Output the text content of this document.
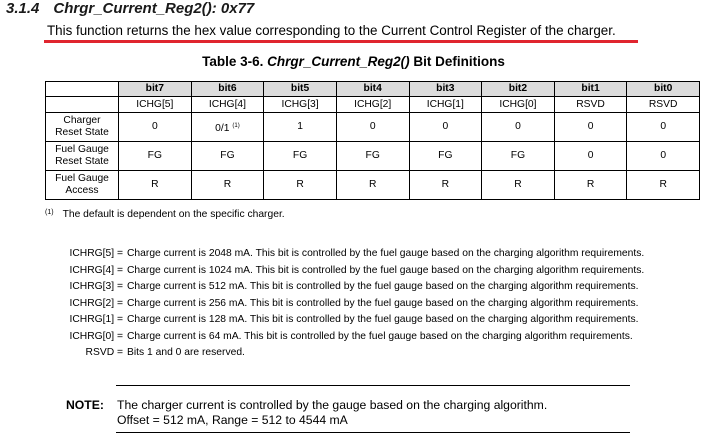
3.1.4 Chrgr_Current_Reg2(): 0x77
This function returns the hex value corresponding to the Current Control Register of the charger.
Table 3-6. Chrgr_Current_Reg2() Bit Definitions
	bit7	bit6	bit5	bit4	bit3	bit2	bit1	bit0
	ICHG[5]	ICHG[4]	ICHG[3]	ICHG[2]	ICHG[1]	ICHG[0]	RSVD	RSVD
Charger
Reset State	0	0/1 $^{(1)}$	1	0	0	0	0	0
Fuel Gauge
Reset State	FG	FG	FG	FG	FG	FG	0	0
Fuel Gauge
Access	R	R	R	R	R	R	R	R
$^{(1)}$ The default is dependent on the specific charger.
ICHRG[5] = Charge current is 2048 mA. This bit is controlled by the fuel gauge based on the charging algorithm requirements.
ICHRG[4] = Charge current is 1024 mA. This bit is controlled by the fuel gauge based on the charging algorithm requirements.
ICHRG[3] = Charge current is 512 mA. This bit is controlled by the fuel gauge based on the charging algorithm requirements.
ICHRG[2] = Charge current is 256 mA. This bit is controlled by the fuel gauge based on the charging algorithm requirements.
ICHRG[1] = Charge current is 128 mA. This bit is controlled by the fuel gauge based on the charging algorithm requirements.
ICHRG[0] = Charge current is 64 mA. This bit is controlled by the fuel gauge based on the charging algorithm requirements.
RSVD = Bits 1 and 0 are reserved.
NOTE: The charger current is controlled by the gauge based on the charging algorithm.
Offset = 512 mA, Range = 512 to 4544 mA
